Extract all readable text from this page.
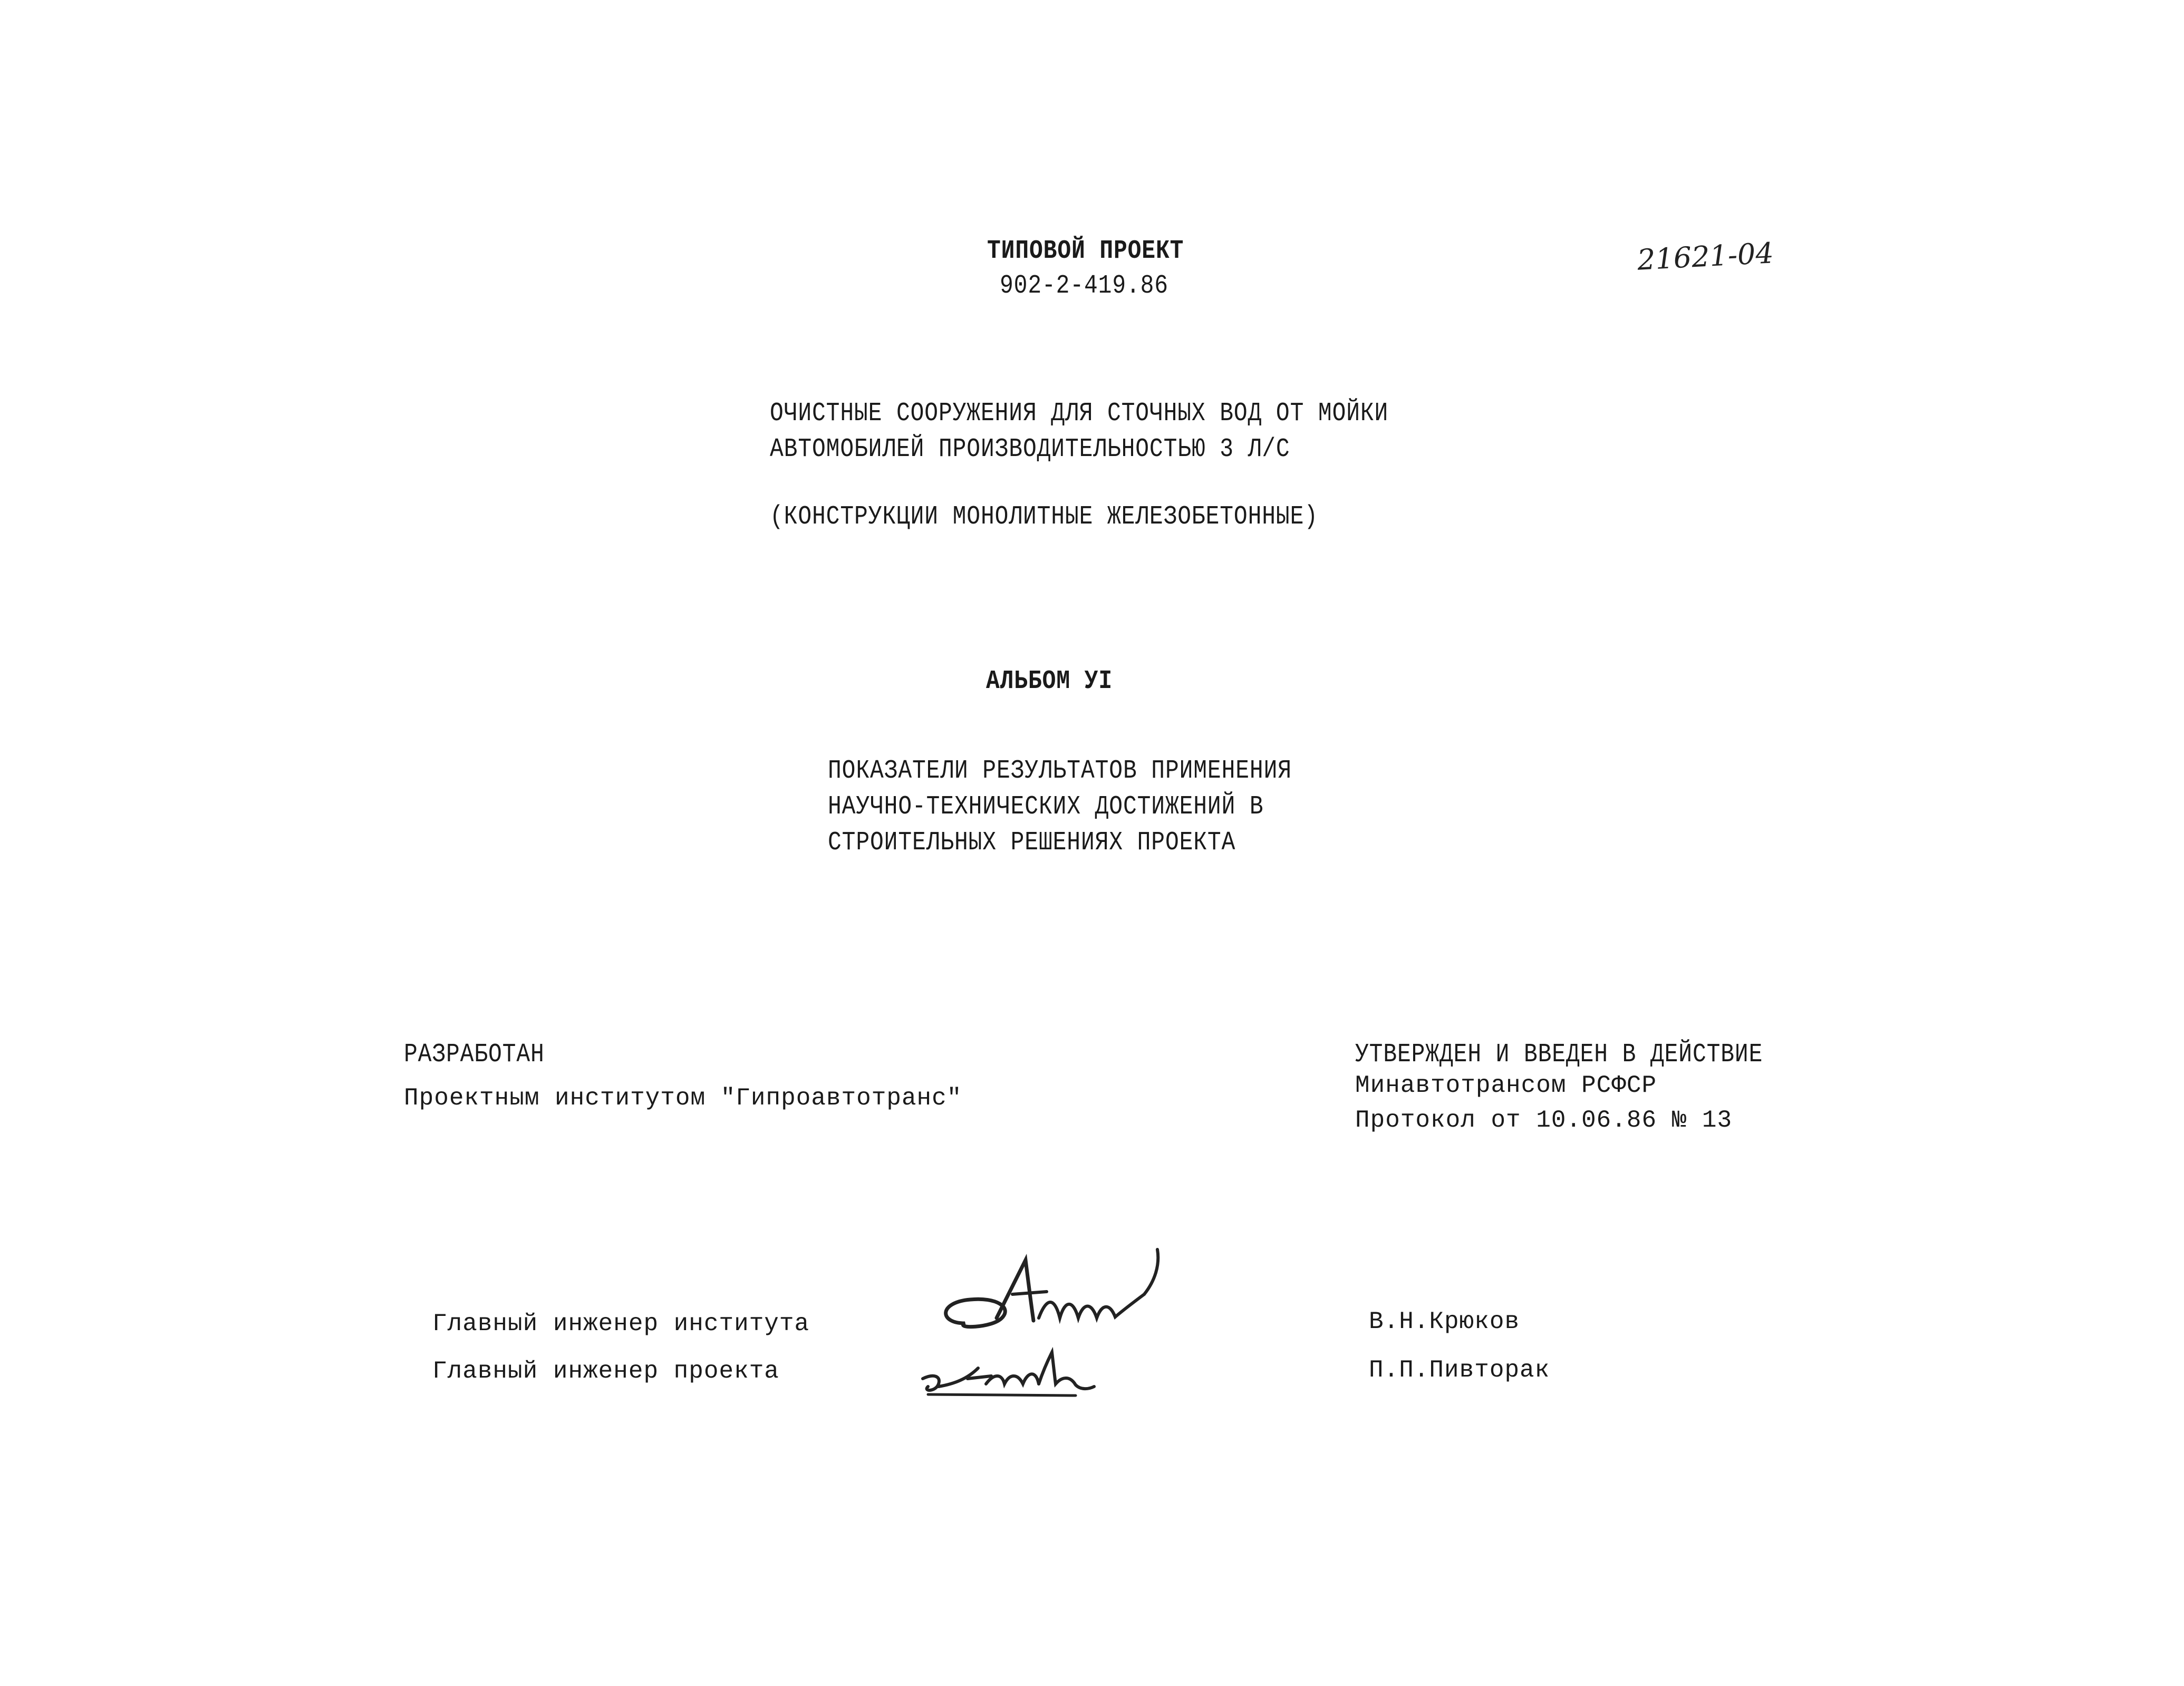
ТИПОВОЙ ПРОЕКТ
902-2-419.86
21621-04
ОЧИСТНЫЕ СООРУЖЕНИЯ ДЛЯ СТОЧНЫХ ВОД ОТ МОЙКИ
АВТОМОБИЛЕЙ ПРОИЗВОДИТЕЛЬНОСТЬЮ 3 Л/С
(КОНСТРУКЦИИ МОНОЛИТНЫЕ ЖЕЛЕЗОБЕТОННЫЕ)
АЛЬБОМ УI
ПОКАЗАТЕЛИ РЕЗУЛЬТАТОВ ПРИМЕНЕНИЯ
НАУЧНО-ТЕХНИЧЕСКИХ ДОСТИЖЕНИЙ В
СТРОИТЕЛЬНЫХ РЕШЕНИЯХ ПРОЕКТА
РАЗРАБОТАН
Проектным институтом "Гипроавтотранс"
УТВЕРЖДЕН И ВВЕДЕН В ДЕЙСТВИЕ
Минавтотрансом РСФСР
Протокол от 10.06.86 № 13
Главный инженер института
Главный инженер проекта
В.Н.Крюков
П.П.Пивторак
